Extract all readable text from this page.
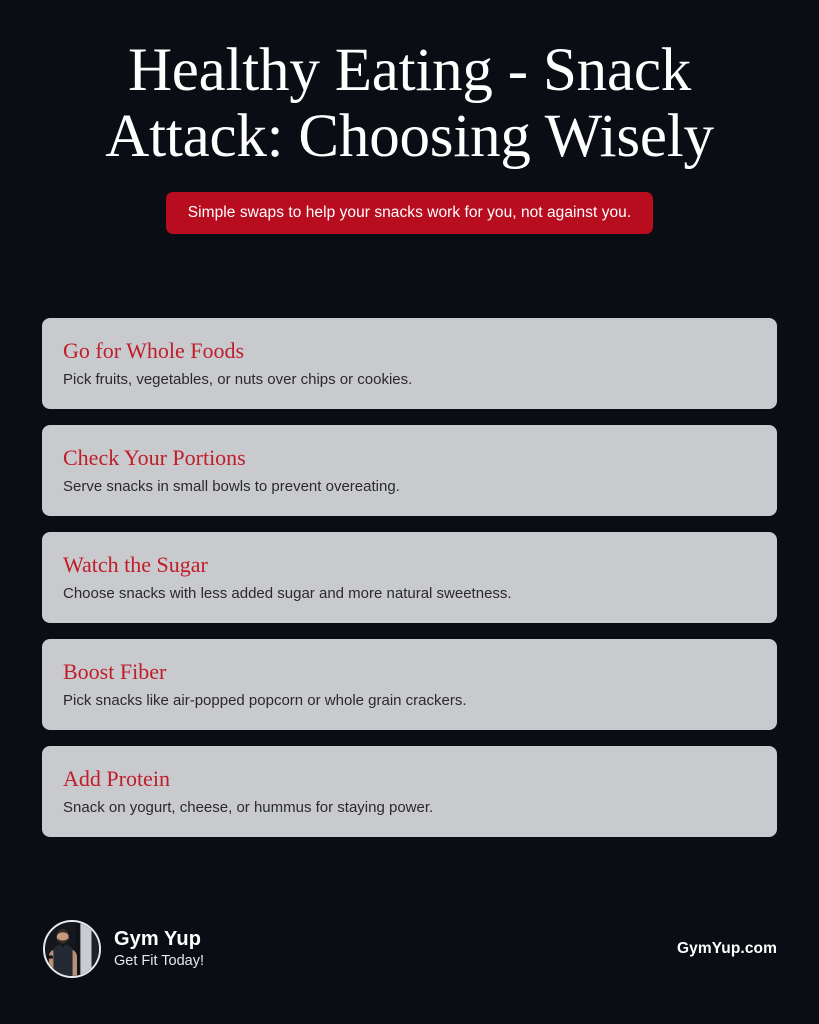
Healthy Eating - Snack
Attack: Choosing Wisely
Simple swaps to help your snacks work for you, not against you.
Go for Whole Foods
Pick fruits, vegetables, or nuts over chips or cookies.
Check Your Portions
Serve snacks in small bowls to prevent overeating.
Watch the Sugar
Choose snacks with less added sugar and more natural sweetness.
Boost Fiber
Pick snacks like air-popped popcorn or whole grain crackers.
Add Protein
Snack on yogurt, cheese, or hummus for staying power.
Gym Yup
Get Fit Today!
GymYup.com
